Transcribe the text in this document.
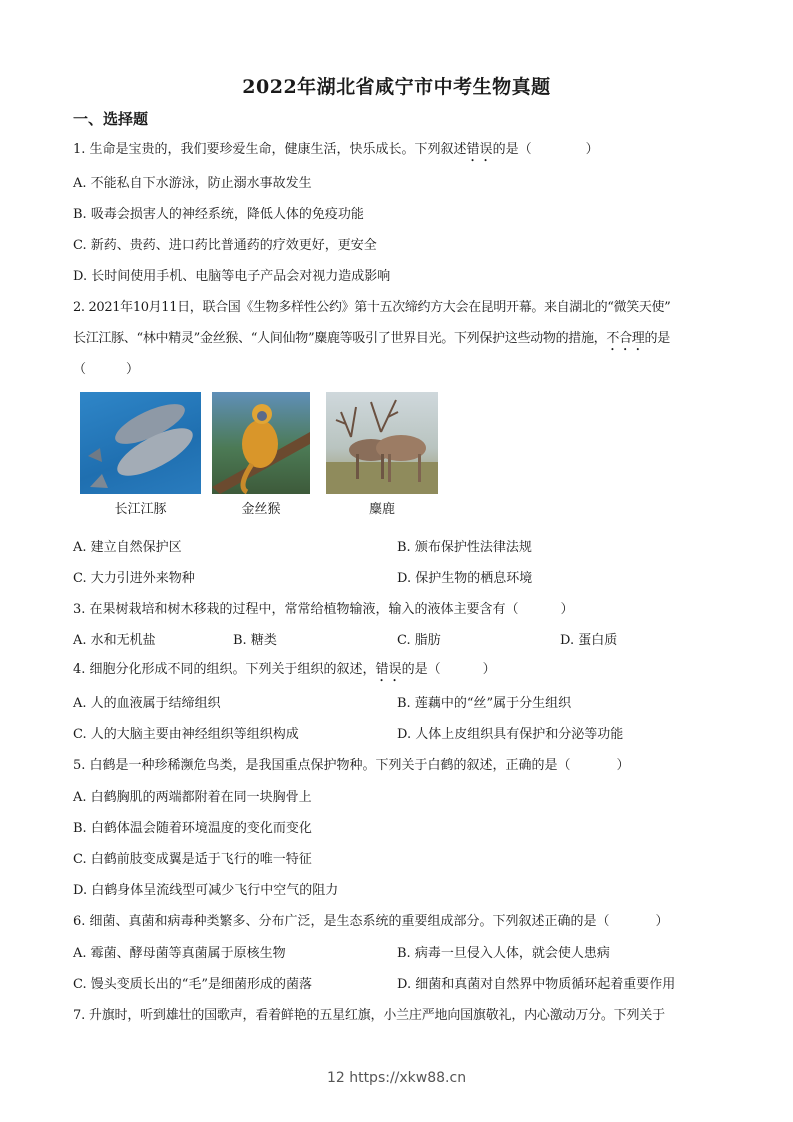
2022年湖北省咸宁市中考生物真题
一、选择题
1. 生命是宝贵的，我们要珍爱生命，健康生活，快乐成长。下列叙述错误的是（	）
A. 不能私自下水游泳，防止溺水事故发生
B. 吸毒会损害人的神经系统，降低人体的免疫功能
C. 新药、贵药、进口药比普通药的疗效更好，更安全
D. 长时间使用手机、电脑等电子产品会对视力造成影响
2. 2021年10月11日，联合国《生物多样性公约》第十五次缔约方大会在昆明开幕。来自湖北的“微笑天使”
长江江豚、“林中精灵”金丝猴、“人间仙物”麋鹿等吸引了世界目光。下列保护这些动物的措施，不合理的是
（	）
长江江豚	金丝猴	麋鹿
A. 建立自然保护区	B. 颁布保护性法律法规
C. 大力引进外来物种	D. 保护生物的栖息环境
3. 在果树栽培和树木移栽的过程中，常常给植物输液，输入的液体主要含有（	）
A. 水和无机盐	B. 糖类	C. 脂肪	D. 蛋白质
4. 细胞分化形成不同的组织。下列关于组织的叙述，错误的是（	）
A. 人的血液属于结缔组织	B. 莲藕中的“丝”属于分生组织
C. 人的大脑主要由神经组织等组织构成	D. 人体上皮组织具有保护和分泌等功能
5. 白鹤是一种珍稀濒危鸟类，是我国重点保护物种。下列关于白鹤的叙述，正确的是（	）
A. 白鹤胸肌的两端都附着在同一块胸骨上
B. 白鹤体温会随着环境温度的变化而变化
C. 白鹤前肢变成翼是适于飞行的唯一特征
D. 白鹤身体呈流线型可减少飞行中空气的阻力
6. 细菌、真菌和病毒种类繁多、分布广泛，是生态系统的重要组成部分。下列叙述正确的是（	）
A. 霉菌、酵母菌等真菌属于原核生物	B. 病毒一旦侵入人体，就会使人患病
C. 馒头变质长出的“毛”是细菌形成的菌落	D. 细菌和真菌对自然界中物质循环起着重要作用
7. 升旗时，听到雄壮的国歌声，看着鲜艳的五星红旗，小兰庄严地向国旗敬礼，内心激动万分。下列关于
12 https://xkw88.cn
